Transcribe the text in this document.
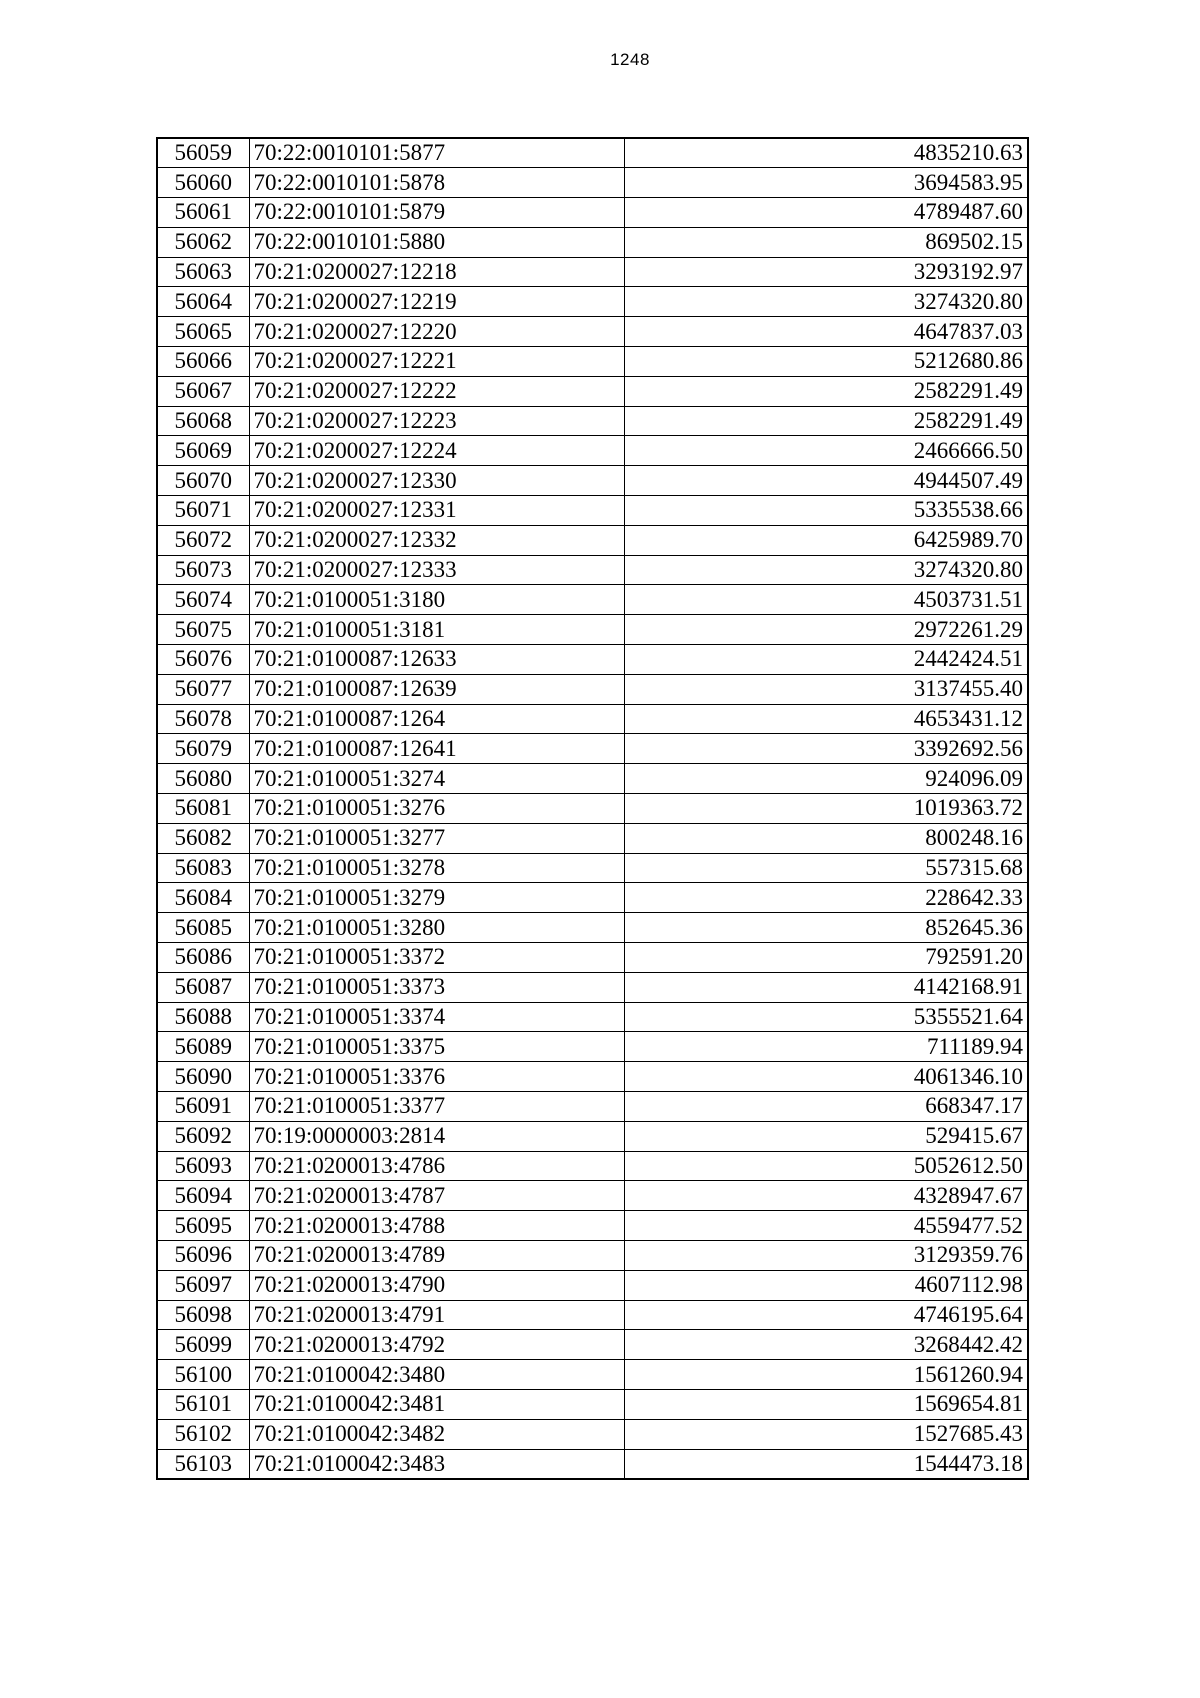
1248
56059	70:22:0010101:5877	4835210.63
56060	70:22:0010101:5878	3694583.95
56061	70:22:0010101:5879	4789487.60
56062	70:22:0010101:5880	869502.15
56063	70:21:0200027:12218	3293192.97
56064	70:21:0200027:12219	3274320.80
56065	70:21:0200027:12220	4647837.03
56066	70:21:0200027:12221	5212680.86
56067	70:21:0200027:12222	2582291.49
56068	70:21:0200027:12223	2582291.49
56069	70:21:0200027:12224	2466666.50
56070	70:21:0200027:12330	4944507.49
56071	70:21:0200027:12331	5335538.66
56072	70:21:0200027:12332	6425989.70
56073	70:21:0200027:12333	3274320.80
56074	70:21:0100051:3180	4503731.51
56075	70:21:0100051:3181	2972261.29
56076	70:21:0100087:12633	2442424.51
56077	70:21:0100087:12639	3137455.40
56078	70:21:0100087:1264	4653431.12
56079	70:21:0100087:12641	3392692.56
56080	70:21:0100051:3274	924096.09
56081	70:21:0100051:3276	1019363.72
56082	70:21:0100051:3277	800248.16
56083	70:21:0100051:3278	557315.68
56084	70:21:0100051:3279	228642.33
56085	70:21:0100051:3280	852645.36
56086	70:21:0100051:3372	792591.20
56087	70:21:0100051:3373	4142168.91
56088	70:21:0100051:3374	5355521.64
56089	70:21:0100051:3375	711189.94
56090	70:21:0100051:3376	4061346.10
56091	70:21:0100051:3377	668347.17
56092	70:19:0000003:2814	529415.67
56093	70:21:0200013:4786	5052612.50
56094	70:21:0200013:4787	4328947.67
56095	70:21:0200013:4788	4559477.52
56096	70:21:0200013:4789	3129359.76
56097	70:21:0200013:4790	4607112.98
56098	70:21:0200013:4791	4746195.64
56099	70:21:0200013:4792	3268442.42
56100	70:21:0100042:3480	1561260.94
56101	70:21:0100042:3481	1569654.81
56102	70:21:0100042:3482	1527685.43
56103	70:21:0100042:3483	1544473.18
